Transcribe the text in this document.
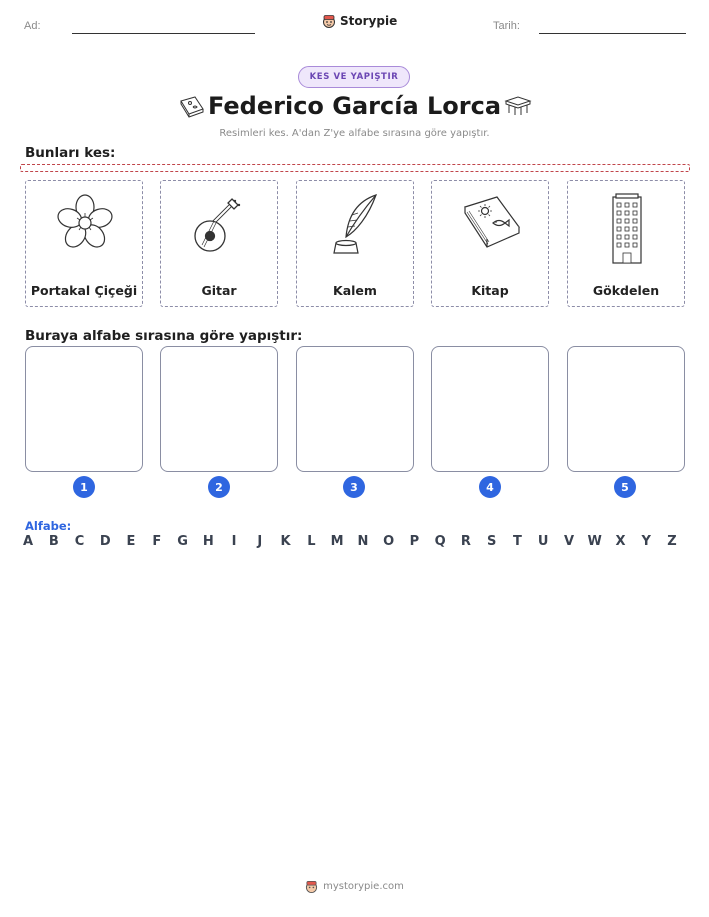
Ad:	Storypie	Tarih:
KES VE YAPIŞTIR
Federico García Lorca
Resimleri kes. A'dan Z'ye alfabe sırasına göre yapıştır.
Bunları kes:
Portakal Çiçeği	Gitar	Kalem	Kitap	Gökdelen
Buraya alfabe sırasına göre yapıştır:
1	2	3	4	5
Alfabe:
A	B	C	D	E	F	G	H	I	J	K	L	M	N	O	P	Q	R	S	T	U	V	W	X	Y	Z
mystorypie.com
